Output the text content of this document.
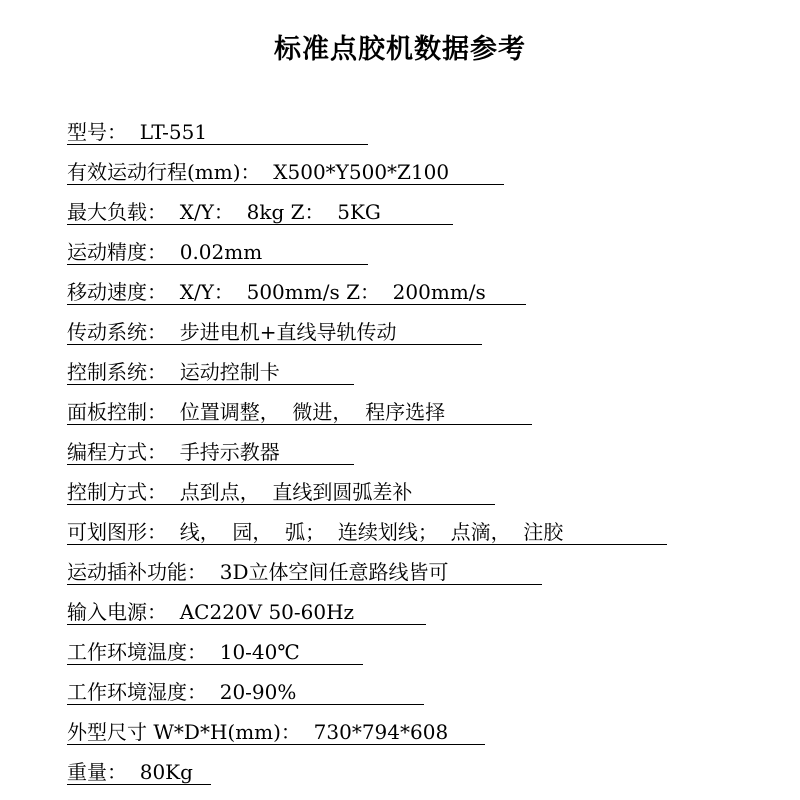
标准点胶机数据参考
型号： LT-551
有效运动行程(mm)： X500*Y500*Z100
最大负载： X/Y：  8kg Z：  5KG
运动精度： 0.02mm
移动速度： X/Y：  500mm/s Z：  200mm/s
传动系统： 步进电机+直线导轨传动
控制系统： 运动控制卡
面板控制： 位置调整，  微进，  程序选择
编程方式： 手持示教器
控制方式： 点到点，  直线到圆弧差补
可划图形： 线，  园，  弧；  连续划线；  点滴，  注胶
运动插补功能： 3D立体空间任意路线皆可
输入电源： AC220V 50-60Hz
工作环境温度： 10-40℃
工作环境湿度： 20-90%
外型尺寸 W*D*H(mm)： 730*794*608
重量： 80Kg
